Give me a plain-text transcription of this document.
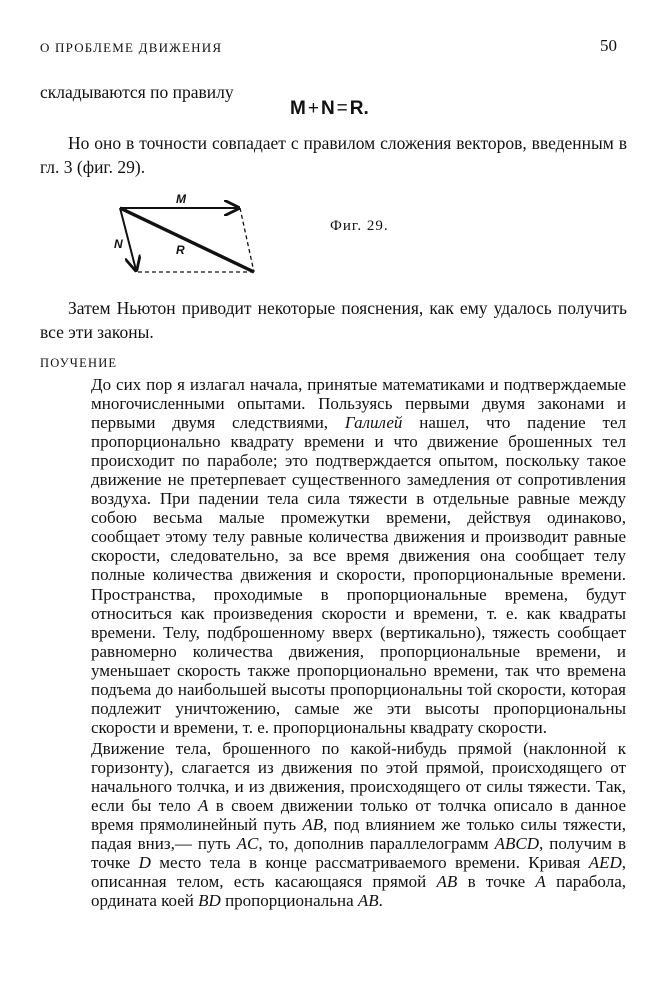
О ПРОБЛЕМЕ ДВИЖЕНИЯ	50

складываются по правилу

M + N = R.

Но оно в точности совпадает с правилом сложения векторов, введенным в гл. 3 (фиг. 29).

M
N	R
Фиг. 29.

Затем Ньютон приводит некоторые пояснения, как ему удалось получить все эти законы.

ПОУЧЕНИЕ

До сих пор я излагал начала, принятые математиками и подтверждаемые многочисленными опытами. Пользуясь первыми двумя законами и первыми двумя следствиями, Галилей нашел, что падение тел пропорционально квадрату времени и что движение брошенных тел происходит по параболе; это подтверждается опытом, поскольку такое движение не претерпевает существенного замедления от сопротивления воздуха. При падении тела сила тяжести в отдельные равные между собою весьма малые промежутки времени, действуя одинаково, сообщает этому телу равные количества движения и производит равные скорости, следовательно, за все время движения она сообщает телу полные количества движения и скорости, пропорциональные времени. Пространства, проходимые в пропорциональные времена, будут относиться как произведения скорости и времени, т. е. как квадраты времени. Телу, подброшенному вверх (вертикально), тяжесть сообщает равномерно количества движения, пропорциональные времени, и уменьшает скорость также пропорционально времени, так что времена подъема до наибольшей высоты пропорциональны той скорости, которая подлежит уничтожению, самые же эти высоты пропорциональны скорости и времени, т. е. пропорциональны квадрату скорости.

Движение тела, брошенного по какой-нибудь прямой (наклонной к горизонту), слагается из движения по этой прямой, происходящего от начального толчка, и из движения, происходящего от силы тяжести. Так, если бы тело A в своем движении только от толчка описало в данное время прямолинейный путь AB, под влиянием же только силы тяжести, падая вниз,— путь AC, то, дополнив параллелограмм ABCD, получим в точке D место тела в конце рассматриваемого времени. Кривая AED, описанная телом, есть касающаяся прямой AB в точке A парабола, ордината коей BD пропорциональна AB.
